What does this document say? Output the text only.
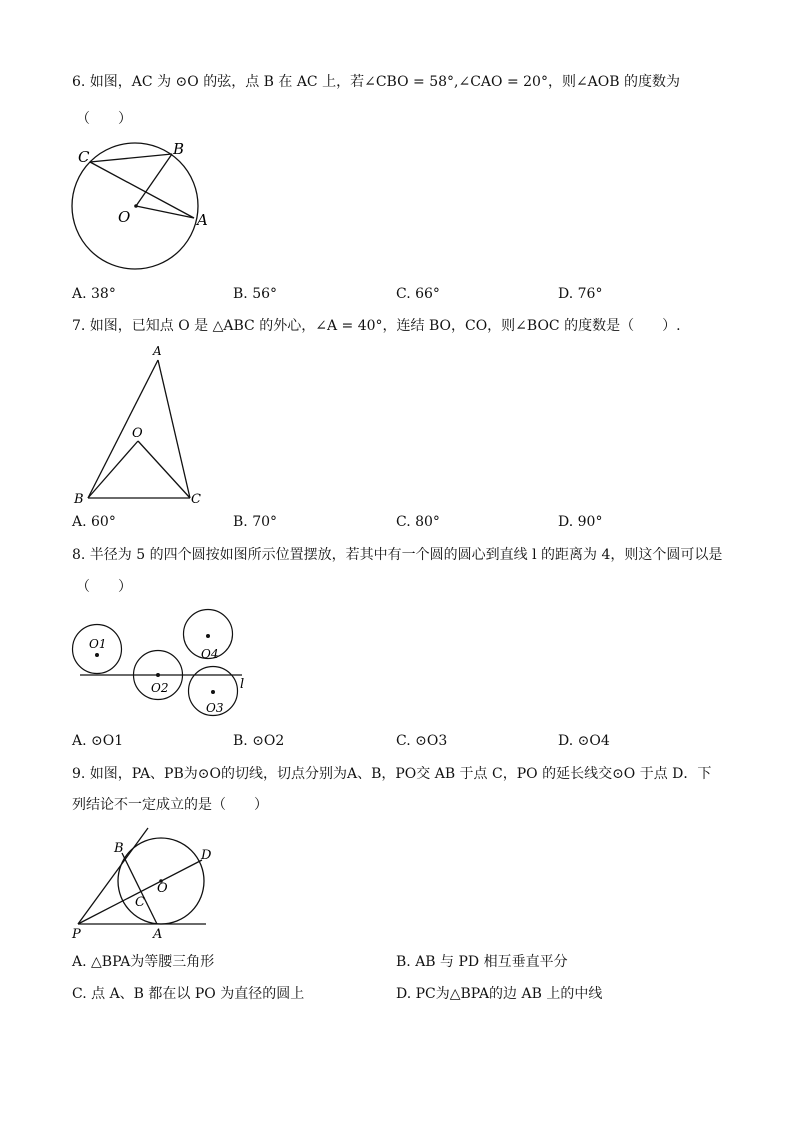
6. 如图，AC 为 ⊙O 的弦，点 B 在 AC 上，若∠CBO = 58°,∠CAO = 20°，则∠AOB 的度数为
（　　）
C	B
O	A
A. 38°	B. 56°	C. 66°	D. 76°
7. 如图，已知点 O 是 △ABC 的外心，∠A = 40°，连结 BO，CO，则∠BOC 的度数是（　　）.
A
O
B	C
A. 60°	B. 70°	C. 80°	D. 90°
8. 半径为 5 的四个圆按如图所示位置摆放，若其中有一个圆的圆心到直线 l 的距离为 4，则这个圆可以是
（　　）
O1
O2
O3
O4
l
A. ⊙O1	B. ⊙O2	C. ⊙O3	D. ⊙O4
9. 如图，PA、PB为⊙O的切线，切点分别为A、B，PO交 AB 于点 C，PO 的延长线交⊙O 于点 D．下
列结论不一定成立的是（　　）
B	D
O
C
P	A
A. △BPA为等腰三角形	B. AB 与 PD 相互垂直平分
C. 点 A、B 都在以 PO 为直径的圆上	D. PC为△BPA的边 AB 上的中线
